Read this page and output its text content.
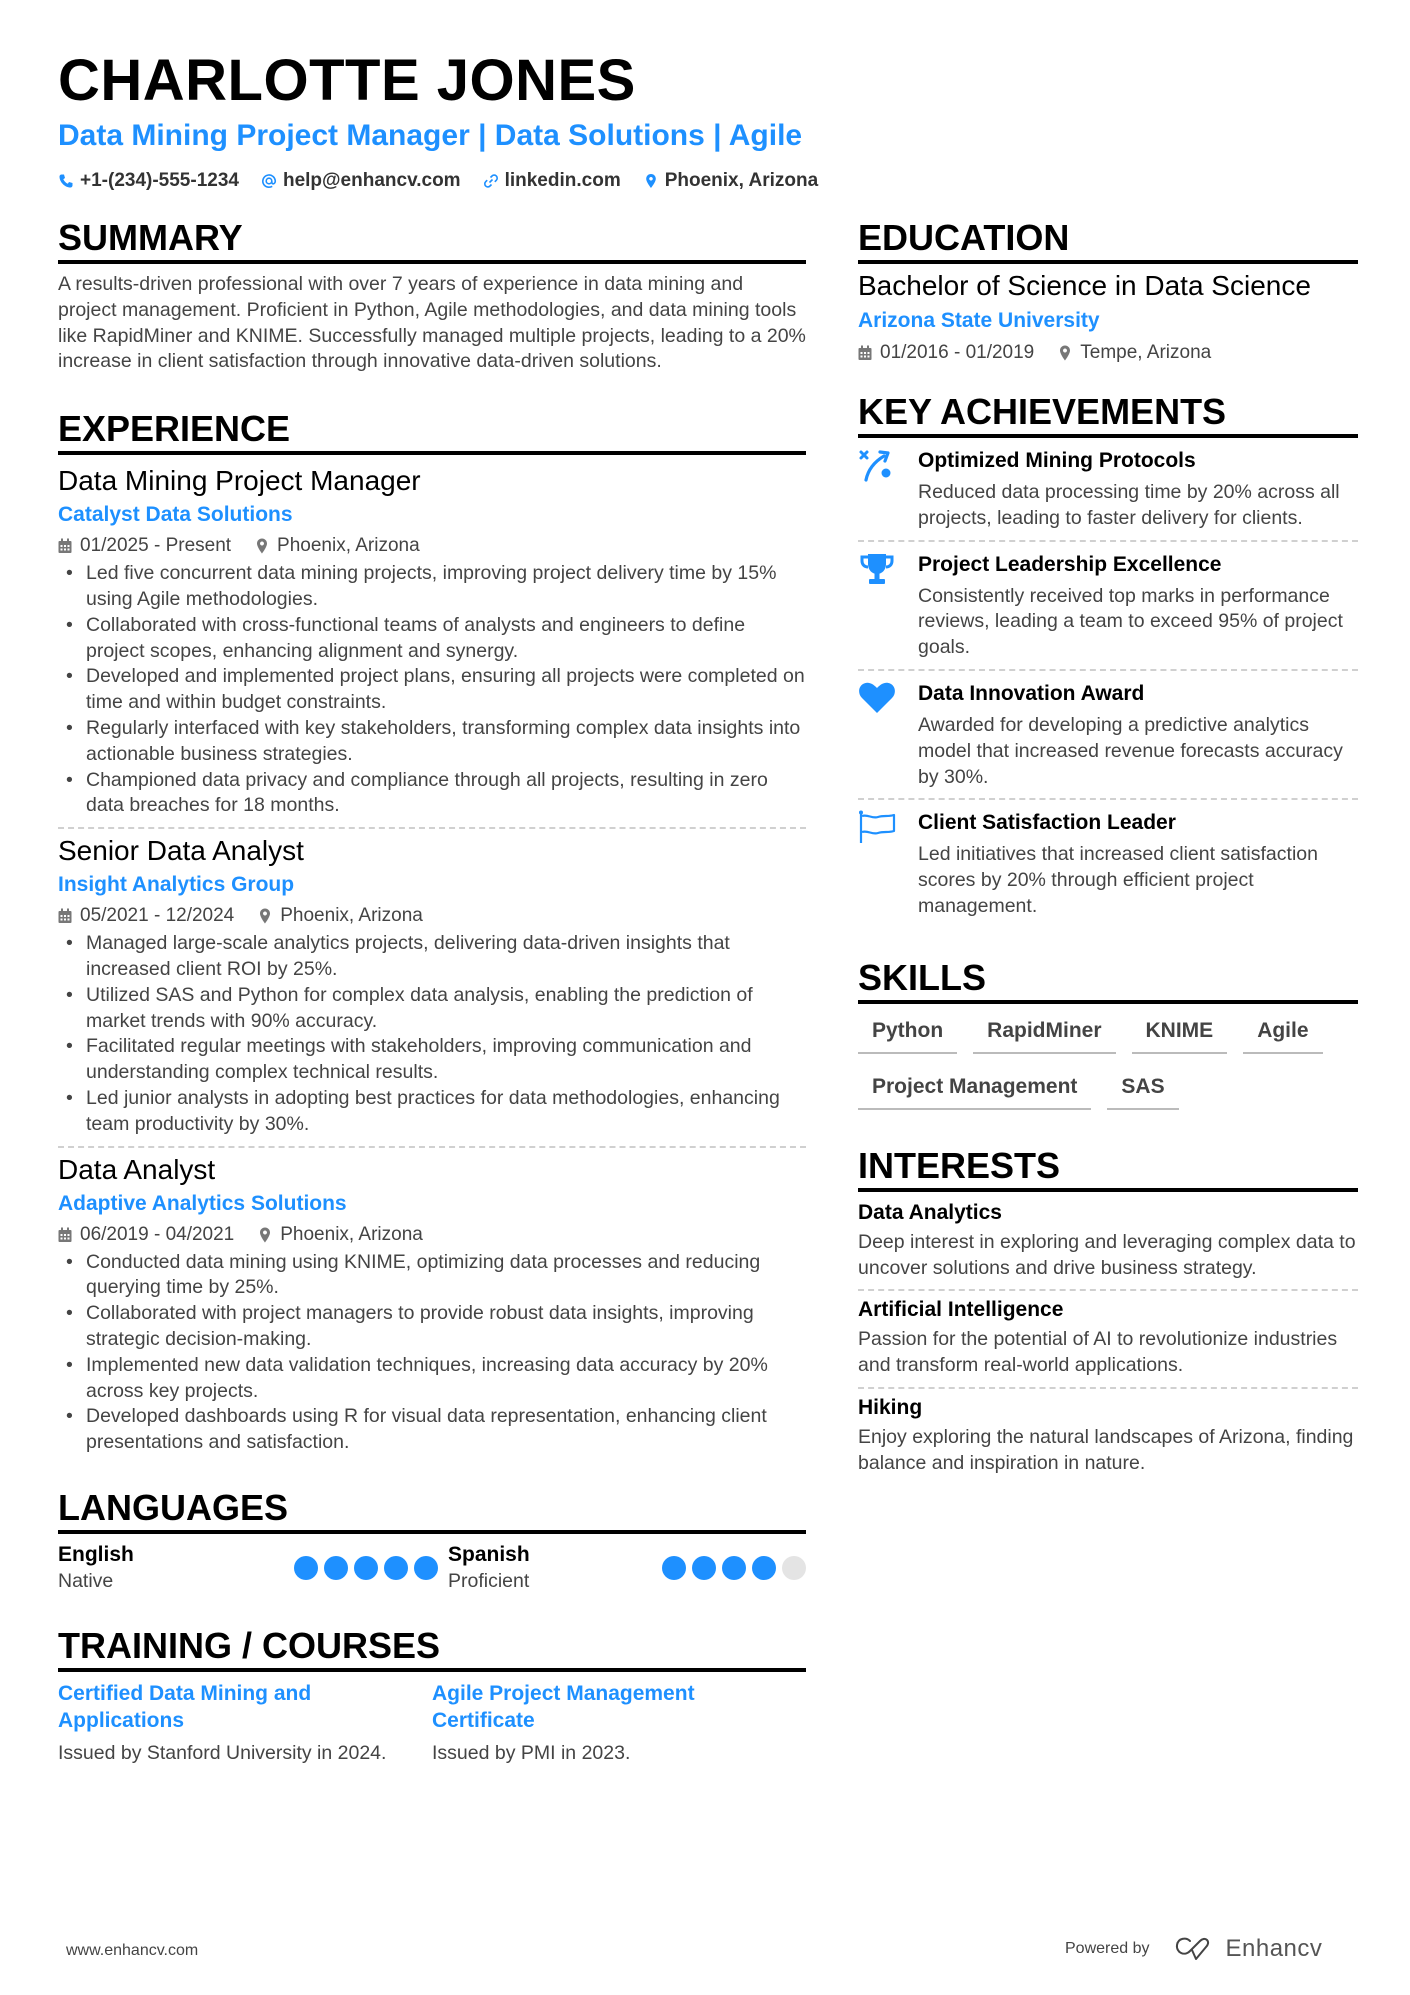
CHARLOTTE JONES
Data Mining Project Manager | Data Solutions | Agile
+1-(234)-555-1234 help@enhancv.com linkedin.com Phoenix, Arizona
SUMMARY

A results-driven professional with over 7 years of experience in data mining and project management. Proficient in Python, Agile methodologies, and data mining tools like RapidMiner and KNIME. Successfully managed multiple projects, leading to a 20% increase in client satisfaction through innovative data-driven solutions.

EXPERIENCE
Data Mining Project Manager
Catalyst Data Solutions
01/2025 - Present Phoenix, Arizona
• Led five concurrent data mining projects, improving project delivery time by 15% using Agile methodologies.
• Collaborated with cross-functional teams of analysts and engineers to define project scopes, enhancing alignment and synergy.
• Developed and implemented project plans, ensuring all projects were completed on time and within budget constraints.
• Regularly interfaced with key stakeholders, transforming complex data insights into actionable business strategies.
• Championed data privacy and compliance through all projects, resulting in zero data breaches for 18 months.
Senior Data Analyst
Insight Analytics Group
05/2021 - 12/2024 Phoenix, Arizona
• Managed large-scale analytics projects, delivering data-driven insights that increased client ROI by 25%.
• Utilized SAS and Python for complex data analysis, enabling the prediction of market trends with 90% accuracy.
• Facilitated regular meetings with stakeholders, improving communication and understanding complex technical results.
• Led junior analysts in adopting best practices for data methodologies, enhancing team productivity by 30%.
Data Analyst
Adaptive Analytics Solutions
06/2019 - 04/2021 Phoenix, Arizona
• Conducted data mining using KNIME, optimizing data processes and reducing querying time by 25%.
• Collaborated with project managers to provide robust data insights, improving strategic decision-making.
• Implemented new data validation techniques, increasing data accuracy by 20% across key projects.
• Developed dashboards using R for visual data representation, enhancing client presentations and satisfaction.
LANGUAGES
English
Native
Spanish
Proficient
TRAINING / COURSES
Certified Data Mining and Applications
Issued by Stanford University in 2024.
Agile Project Management Certificate
Issued by PMI in 2023.
EDUCATION
Bachelor of Science in Data Science
Arizona State University
01/2016 - 01/2019 Tempe, Arizona
KEY ACHIEVEMENTS
Optimized Mining Protocols
Reduced data processing time by 20% across all projects, leading to faster delivery for clients.
Project Leadership Excellence
Consistently received top marks in performance reviews, leading a team to exceed 95% of project goals.
Data Innovation Award
Awarded for developing a predictive analytics model that increased revenue forecasts accuracy by 30%.
Client Satisfaction Leader
Led initiatives that increased client satisfaction scores by 20% through efficient project management.
SKILLS
Python	RapidMiner	KNIME	Agile
Project Management	SAS
INTERESTS
Data Analytics
Deep interest in exploring and leveraging complex data to uncover solutions and drive business strategy.
Artificial Intelligence
Passion for the potential of AI to revolutionize industries and transform real-world applications.
Hiking
Enjoy exploring the natural landscapes of Arizona, finding balance and inspiration in nature.
www.enhancv.com	Powered by	Enhancv
